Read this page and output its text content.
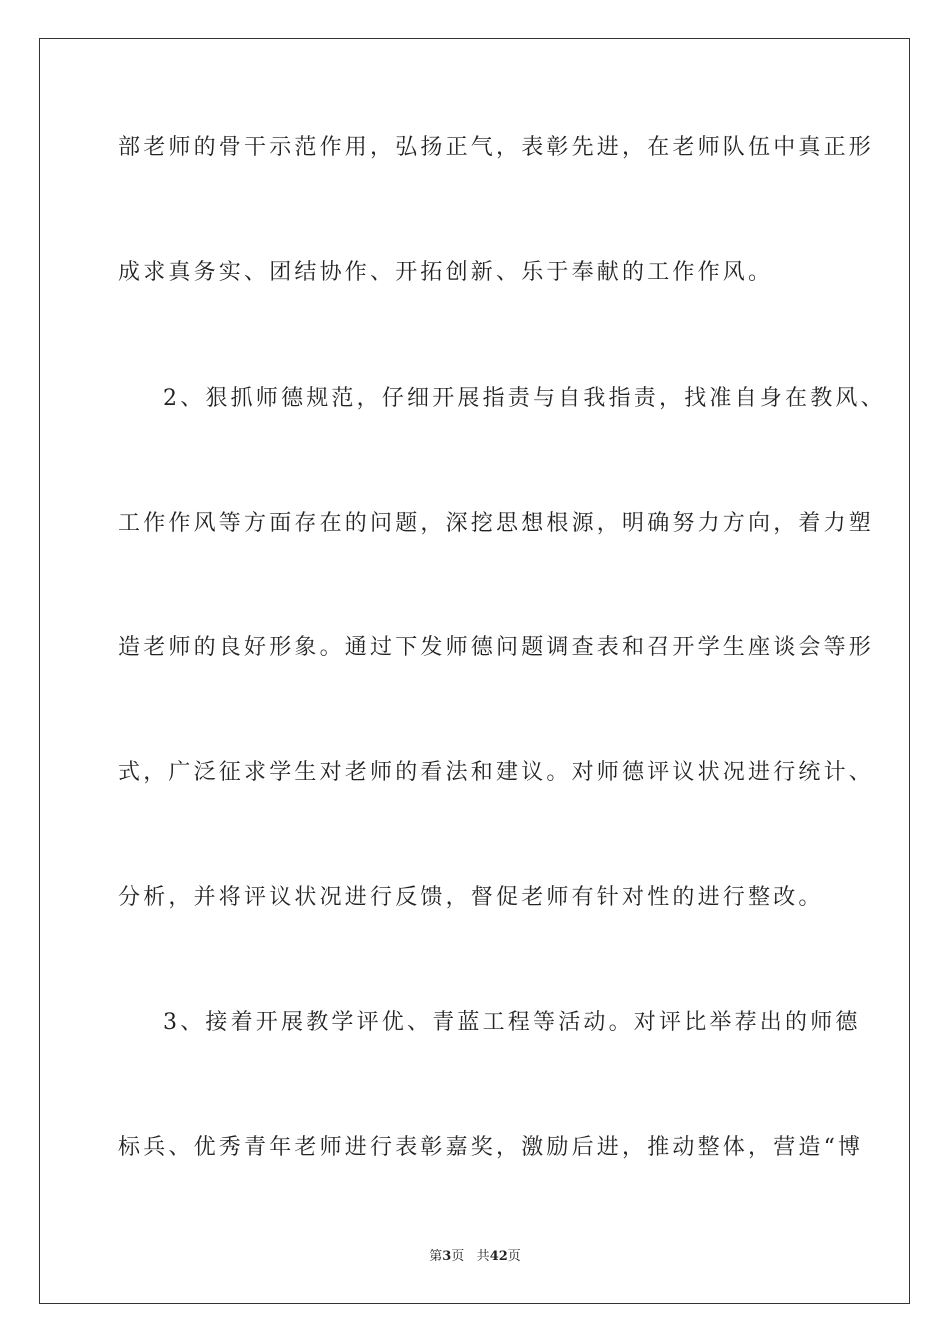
部老师的骨干示范作用，弘扬正气，表彰先进，在老师队伍中真正形
成求真务实、团结协作、开拓创新、乐于奉献的工作作风。
2、狠抓师德规范，仔细开展指责与自我指责，找准自身在教风、
工作作风等方面存在的问题，深挖思想根源，明确努力方向，着力塑
造老师的良好形象。通过下发师德问题调查表和召开学生座谈会等形
式，广泛征求学生对老师的看法和建议。对师德评议状况进行统计、
分析，并将评议状况进行反馈，督促老师有针对性的进行整改。
3、接着开展教学评优、青蓝工程等活动。对评比举荐出的师德
标兵、优秀青年老师进行表彰嘉奖，激励后进，推动整体，营造“博
第3页 共42页
